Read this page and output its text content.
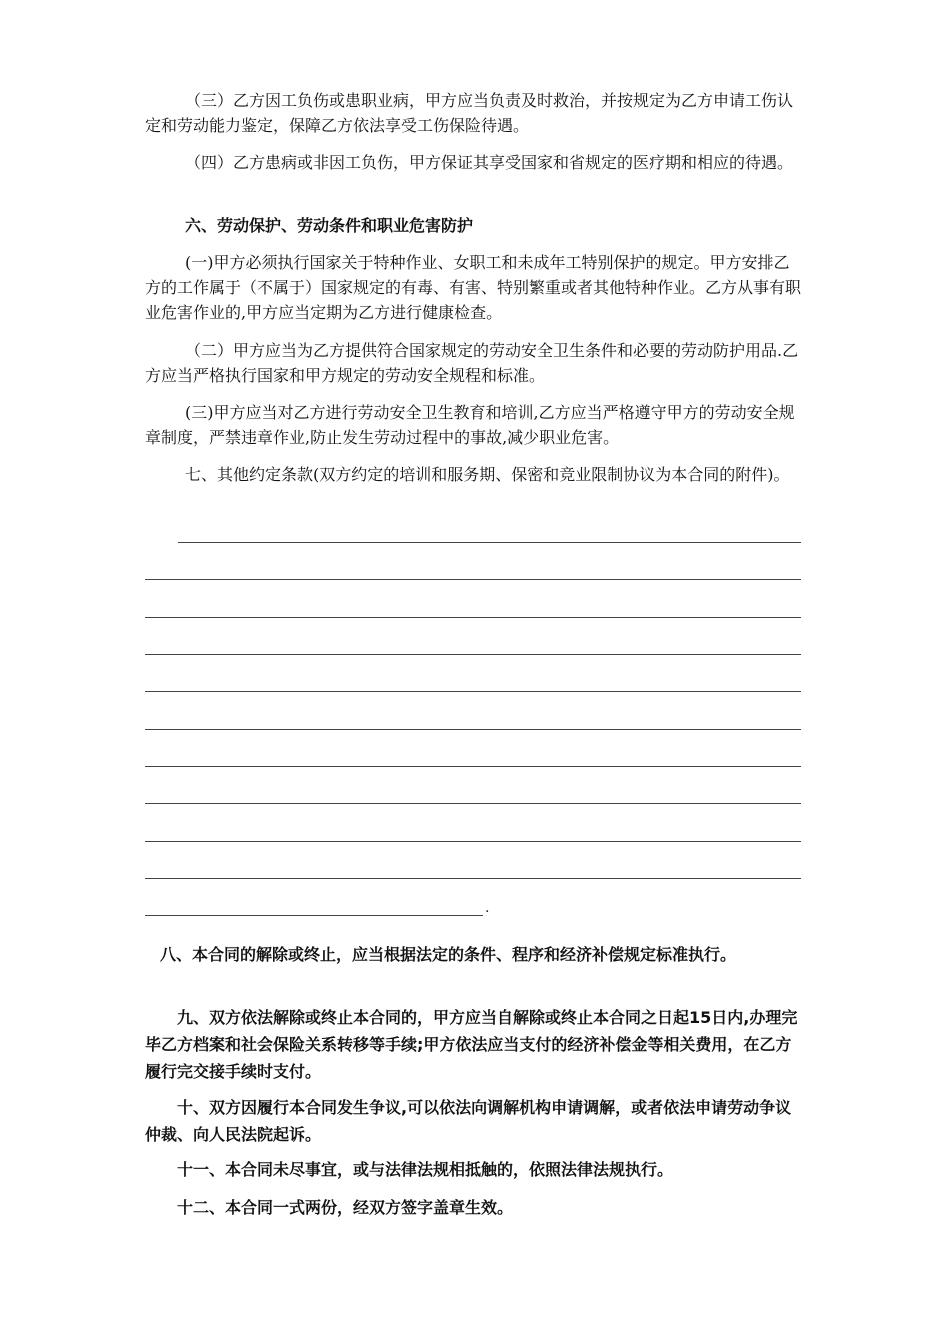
（三）乙方因工负伤或患职业病，甲方应当负责及时救治，并按规定为乙方申请工伤认定和劳动能力鉴定，保障乙方依法享受工伤保险待遇。

（四）乙方患病或非因工负伤，甲方保证其享受国家和省规定的医疗期和相应的待遇。

六、劳动保护、劳动条件和职业危害防护

(一)甲方必须执行国家关于特种作业、女职工和未成年工特别保护的规定。甲方安排乙方的工作属于（不属于）国家规定的有毒、有害、特别繁重或者其他特种作业。乙方从事有职业危害作业的,甲方应当定期为乙方进行健康检查。

（二）甲方应当为乙方提供符合国家规定的劳动安全卫生条件和必要的劳动防护用品.乙方应当严格执行国家和甲方规定的劳动安全规程和标准。

(三)甲方应当对乙方进行劳动安全卫生教育和培训,乙方应当严格遵守甲方的劳动安全规章制度，严禁违章作业,防止发生劳动过程中的事故,减少职业危害。

七、其他约定条款(双方约定的培训和服务期、保密和竞业限制协议为本合同的附件)。

.

八、本合同的解除或终止，应当根据法定的条件、程序和经济补偿规定标准执行。

九、双方依法解除或终止本合同的，甲方应当自解除或终止本合同之日起15日内,办理完毕乙方档案和社会保险关系转移等手续;甲方依法应当支付的经济补偿金等相关费用，在乙方履行完交接手续时支付。

十、双方因履行本合同发生争议,可以依法向调解机构申请调解，或者依法申请劳动争议仲裁、向人民法院起诉。

十一、本合同未尽事宜，或与法律法规相抵触的，依照法律法规执行。

十二、本合同一式两份，经双方签字盖章生效。
